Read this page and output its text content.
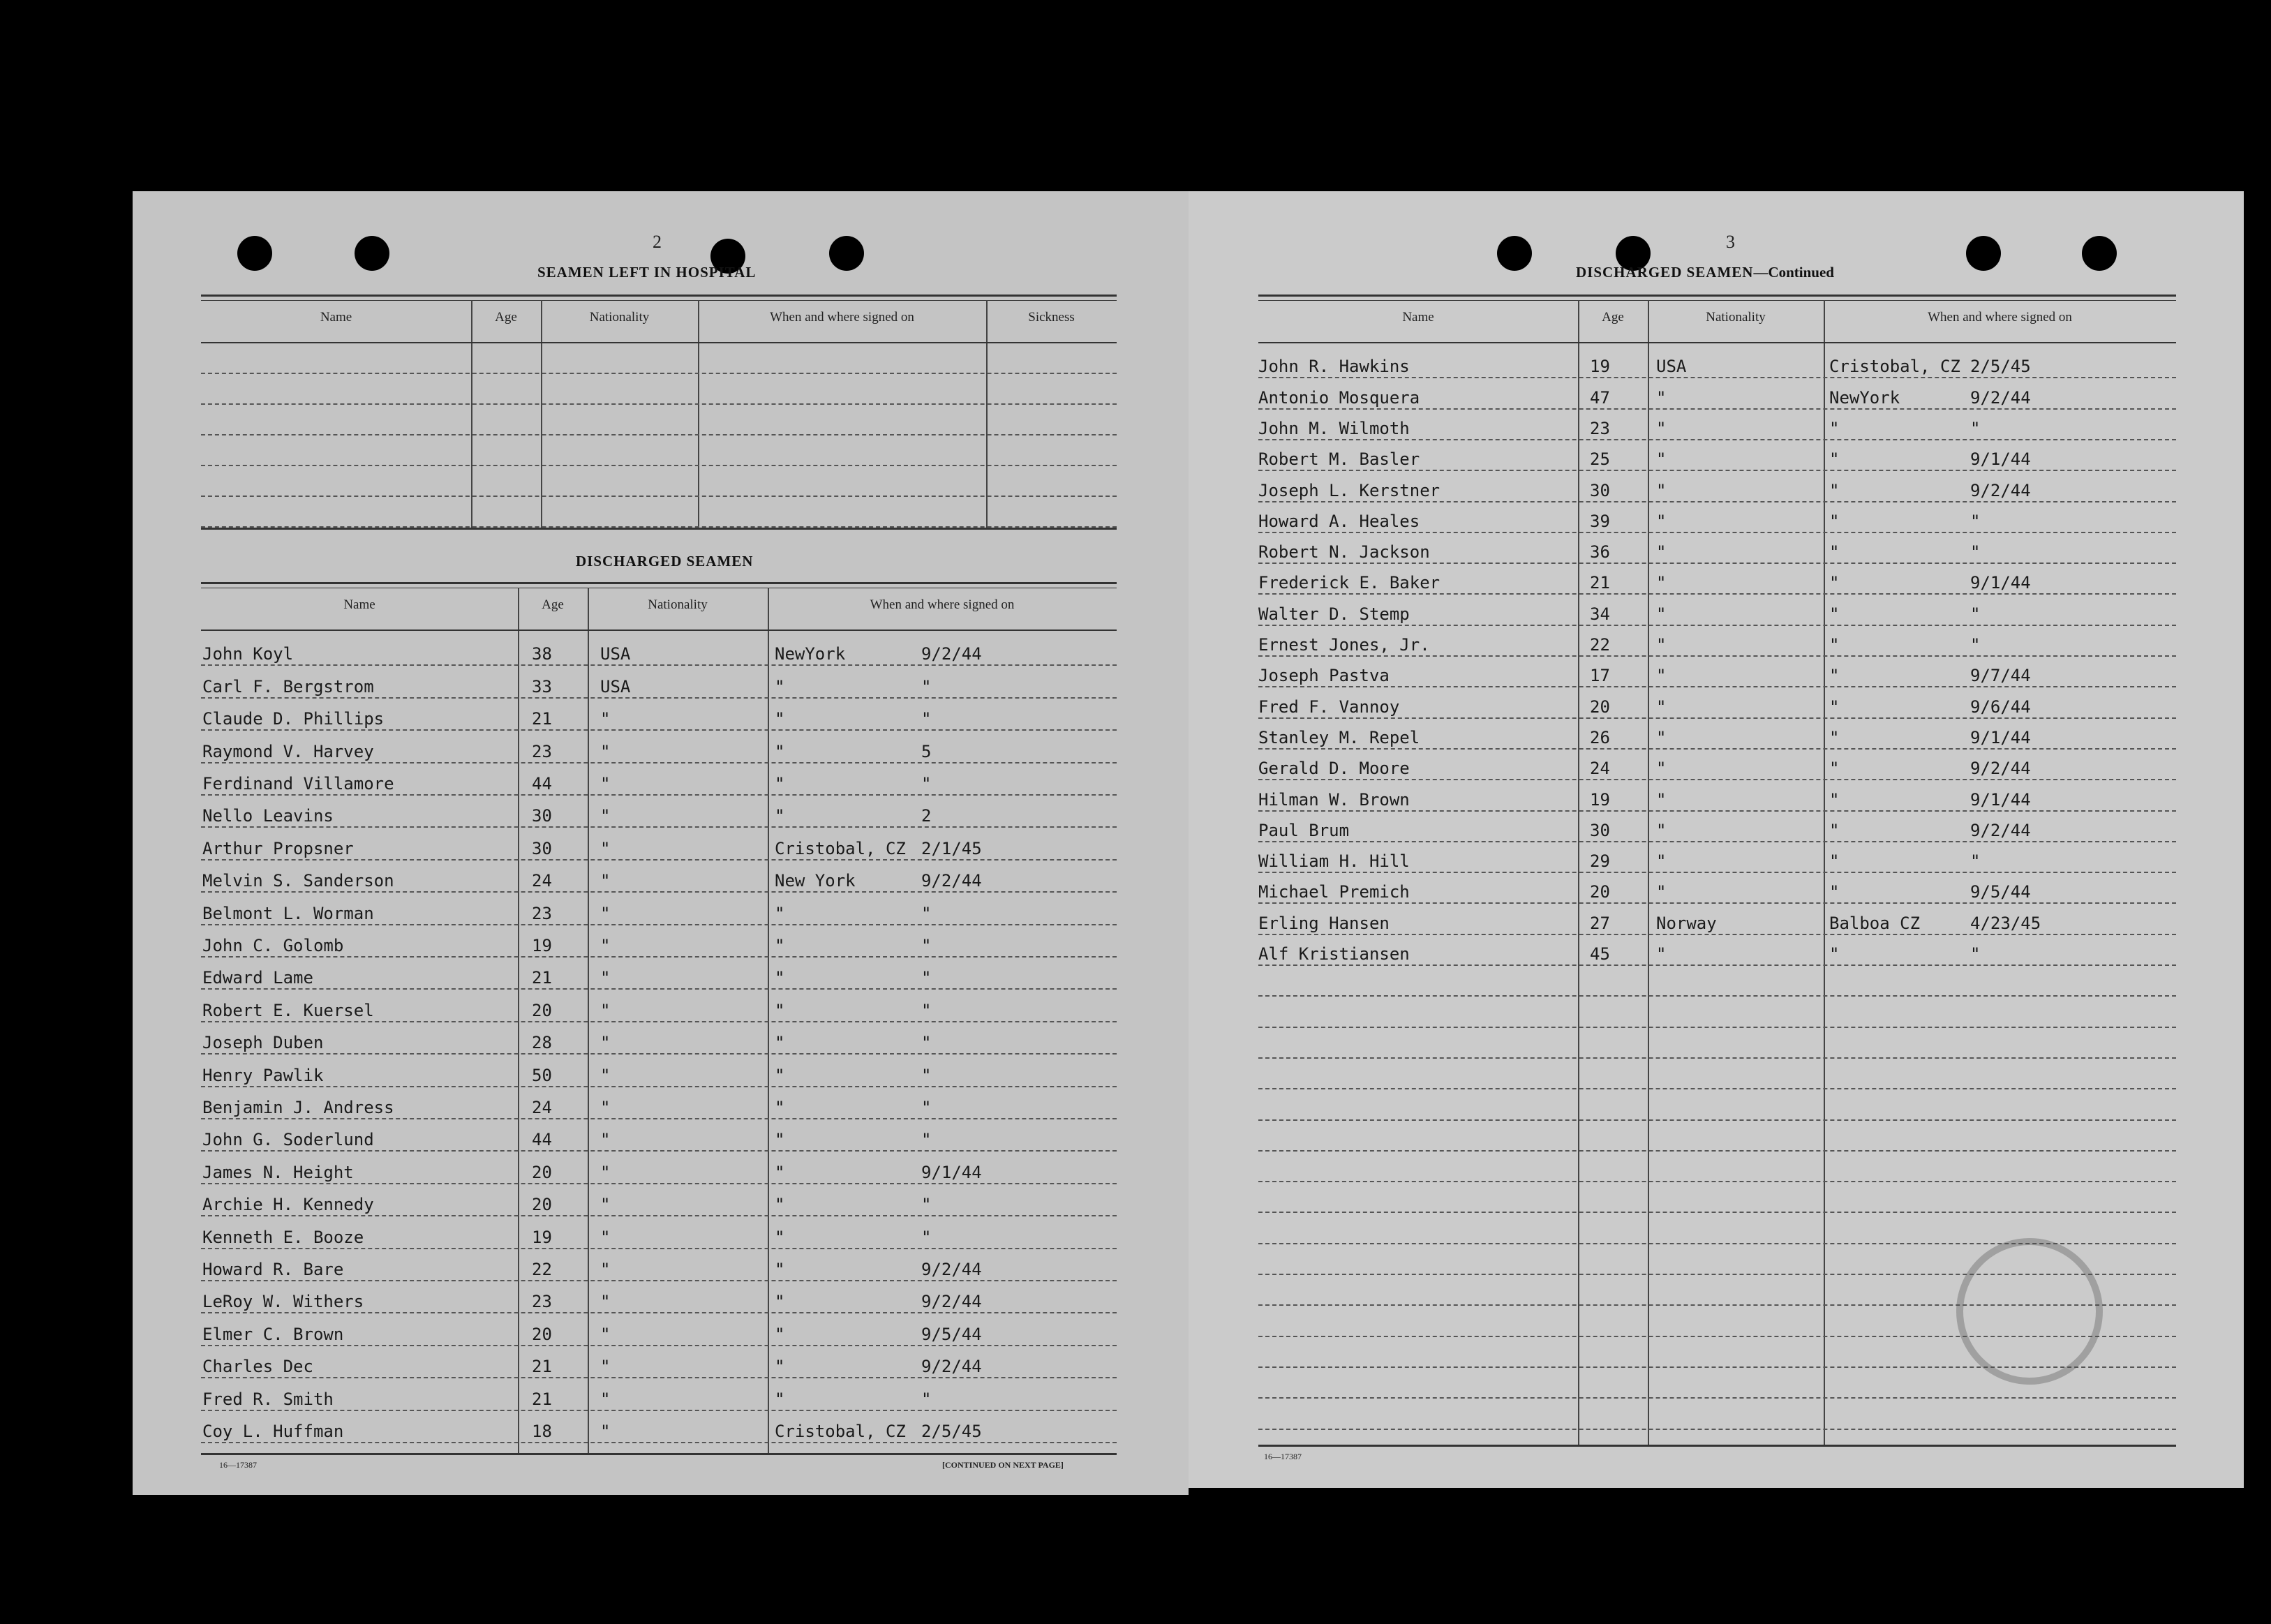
2
SEAMEN LEFT IN HOSPITAL
Name	Age	Nationality	When and where signed on	Sickness
DISCHARGED SEAMEN
Name	Age	Nationality	When and where signed on
John Koyl	38	USA	NewYork	9/2/44
Carl F. Bergstrom	33	USA	"	"
Claude D. Phillips	21	"	"	"
Raymond V. Harvey	23	"	"	5
Ferdinand Villamore	44	"	"	"
Nello Leavins	30	"	"	2
Arthur Propsner	30	"	Cristobal, CZ 2/1/45
Melvin S. Sanderson	24	"	New York	9/2/44
Belmont L. Worman	23	"	"	"
John C. Golomb	19	"	"	"
Edward Lame	21	"	"	"
Robert E. Kuersel	20	"	"	"
Joseph Duben	28	"	"	"
Henry Pawlik	50	"	"	"
Benjamin J. Andress	24	"	"	"
John G. Soderlund	44	"	"	"
James N. Height	20	"	"	9/1/44
Archie H. Kennedy	20	"	"	"
Kenneth E. Booze	19	"	"	"
Howard R. Bare	22	"	"	9/2/44
LeRoy W. Withers	23	"	"	9/2/44
Elmer C. Brown	20	"	"	9/5/44
Charles Dec	21	"	"	9/2/44
Fred R. Smith	21	"	"	"
Coy L. Huffman	18	"	Cristobal, CZ 2/5/45
16—17387	[CONTINUED ON NEXT PAGE]
3
DISCHARGED SEAMEN—Continued
Name	Age	Nationality	When and where signed on
John R. Hawkins	19	USA	Cristobal, CZ 2/5/45
Antonio Mosquera	47	"	NewYork	9/2/44
John M. Wilmoth	23	"	"	"
Robert M. Basler	25	"	"	9/1/44
Joseph L. Kerstner	30	"	"	9/2/44
Howard A. Heales	39	"	"	"
Robert N. Jackson	36	"	"	"
Frederick E. Baker	21	"	"	9/1/44
Walter D. Stemp	34	"	"	"
Ernest Jones, Jr.	22	"	"	"
Joseph Pastva	17	"	"	9/7/44
Fred F. Vannoy	20	"	"	9/6/44
Stanley M. Repel	26	"	"	9/1/44
Gerald D. Moore	24	"	"	9/2/44
Hilman W. Brown	19	"	"	9/1/44
Paul Brum	30	"	"	9/2/44
William H. Hill	29	"	"	"
Michael Premich	20	"	"	9/5/44
Erling Hansen	27	Norway	Balboa CZ	4/23/45
Alf Kristiansen	45	"	"	"
16—17387
